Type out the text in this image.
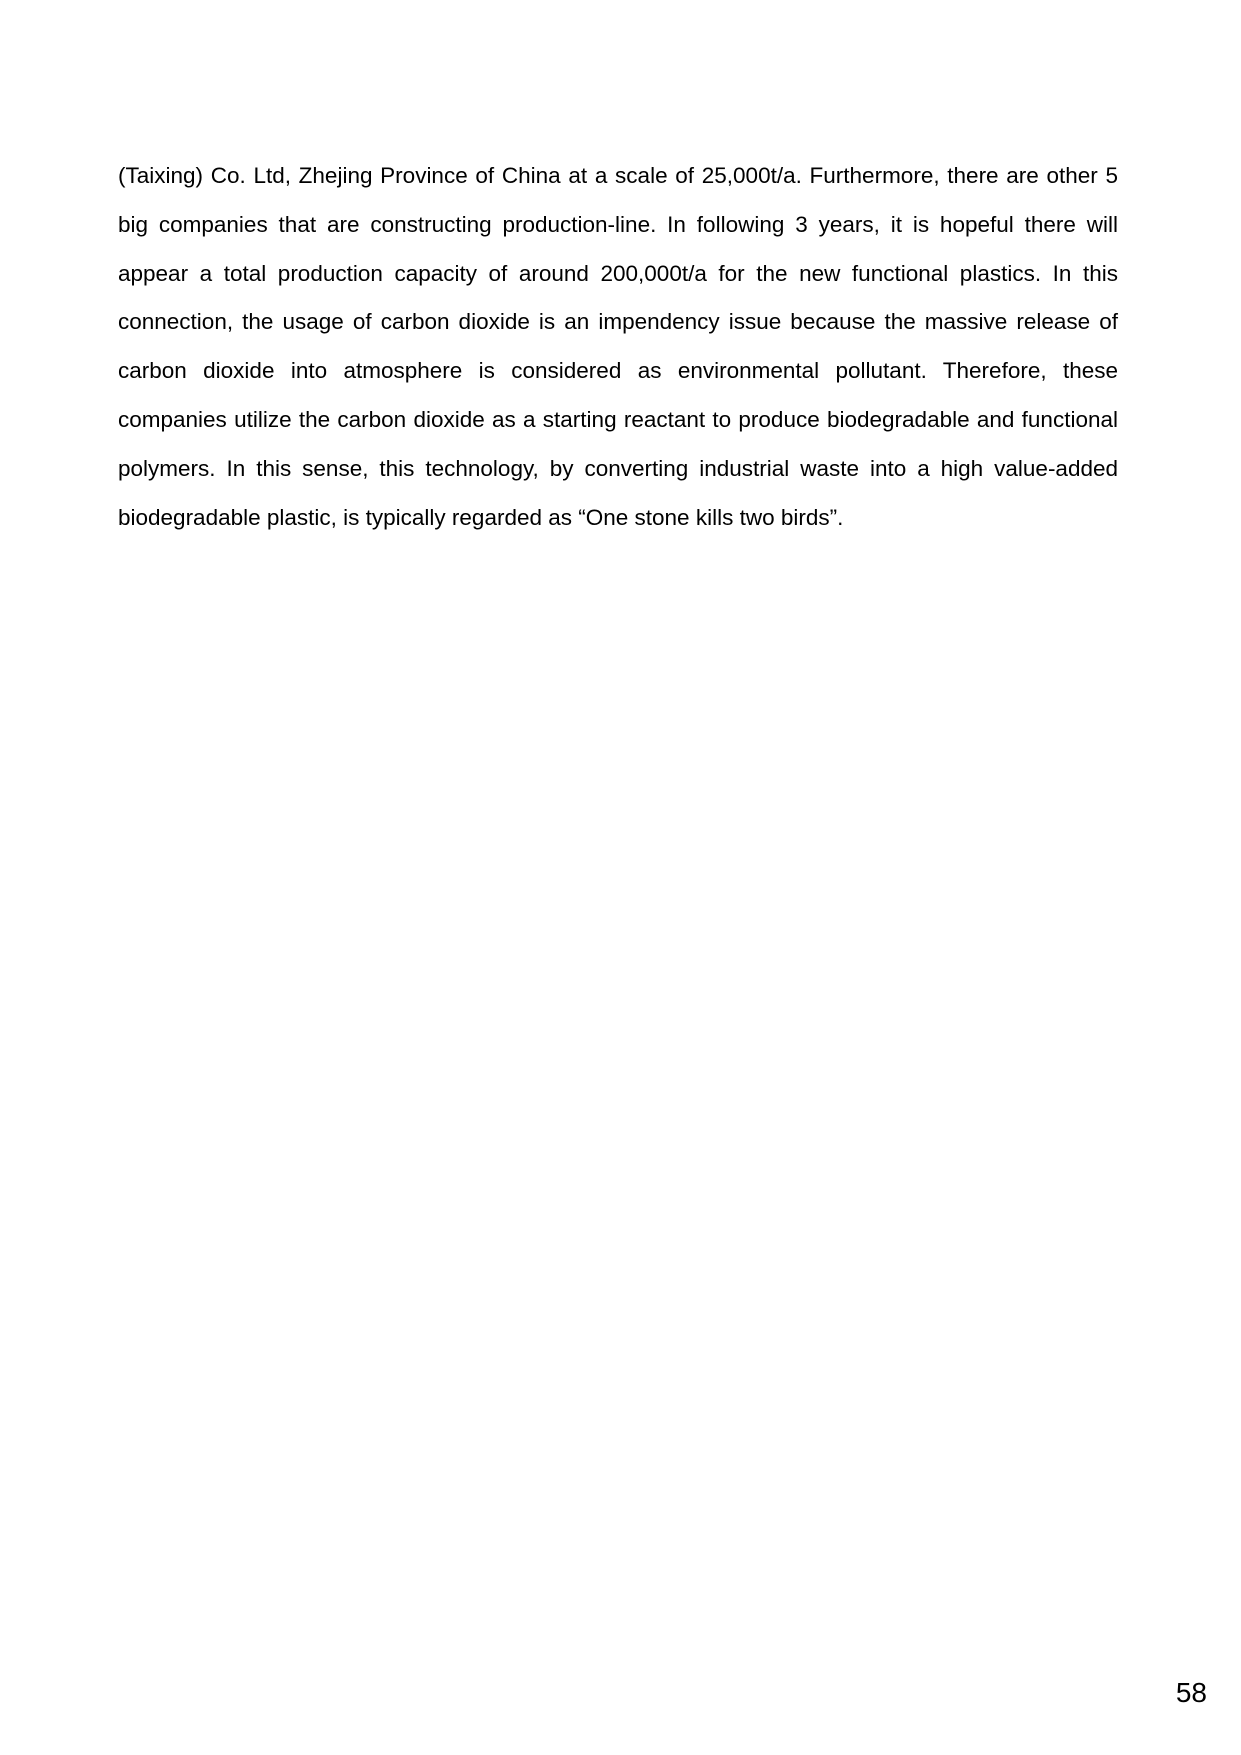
(Taixing) Co. Ltd, Zhejing Province of China at a scale of 25,000t/a. Furthermore, there are other 5 big companies that are constructing production-line. In following 3 years, it is hopeful there will appear a total production capacity of around 200,000t/a for the new functional plastics. In this connection, the usage of carbon dioxide is an impendency issue because the massive release of carbon dioxide into atmosphere is considered as environmental pollutant. Therefore, these companies utilize the carbon dioxide as a starting reactant to produce biodegradable and functional polymers. In this sense, this technology, by converting industrial waste into a high value-added biodegradable plastic, is typically regarded as “One stone kills two birds”.

58
